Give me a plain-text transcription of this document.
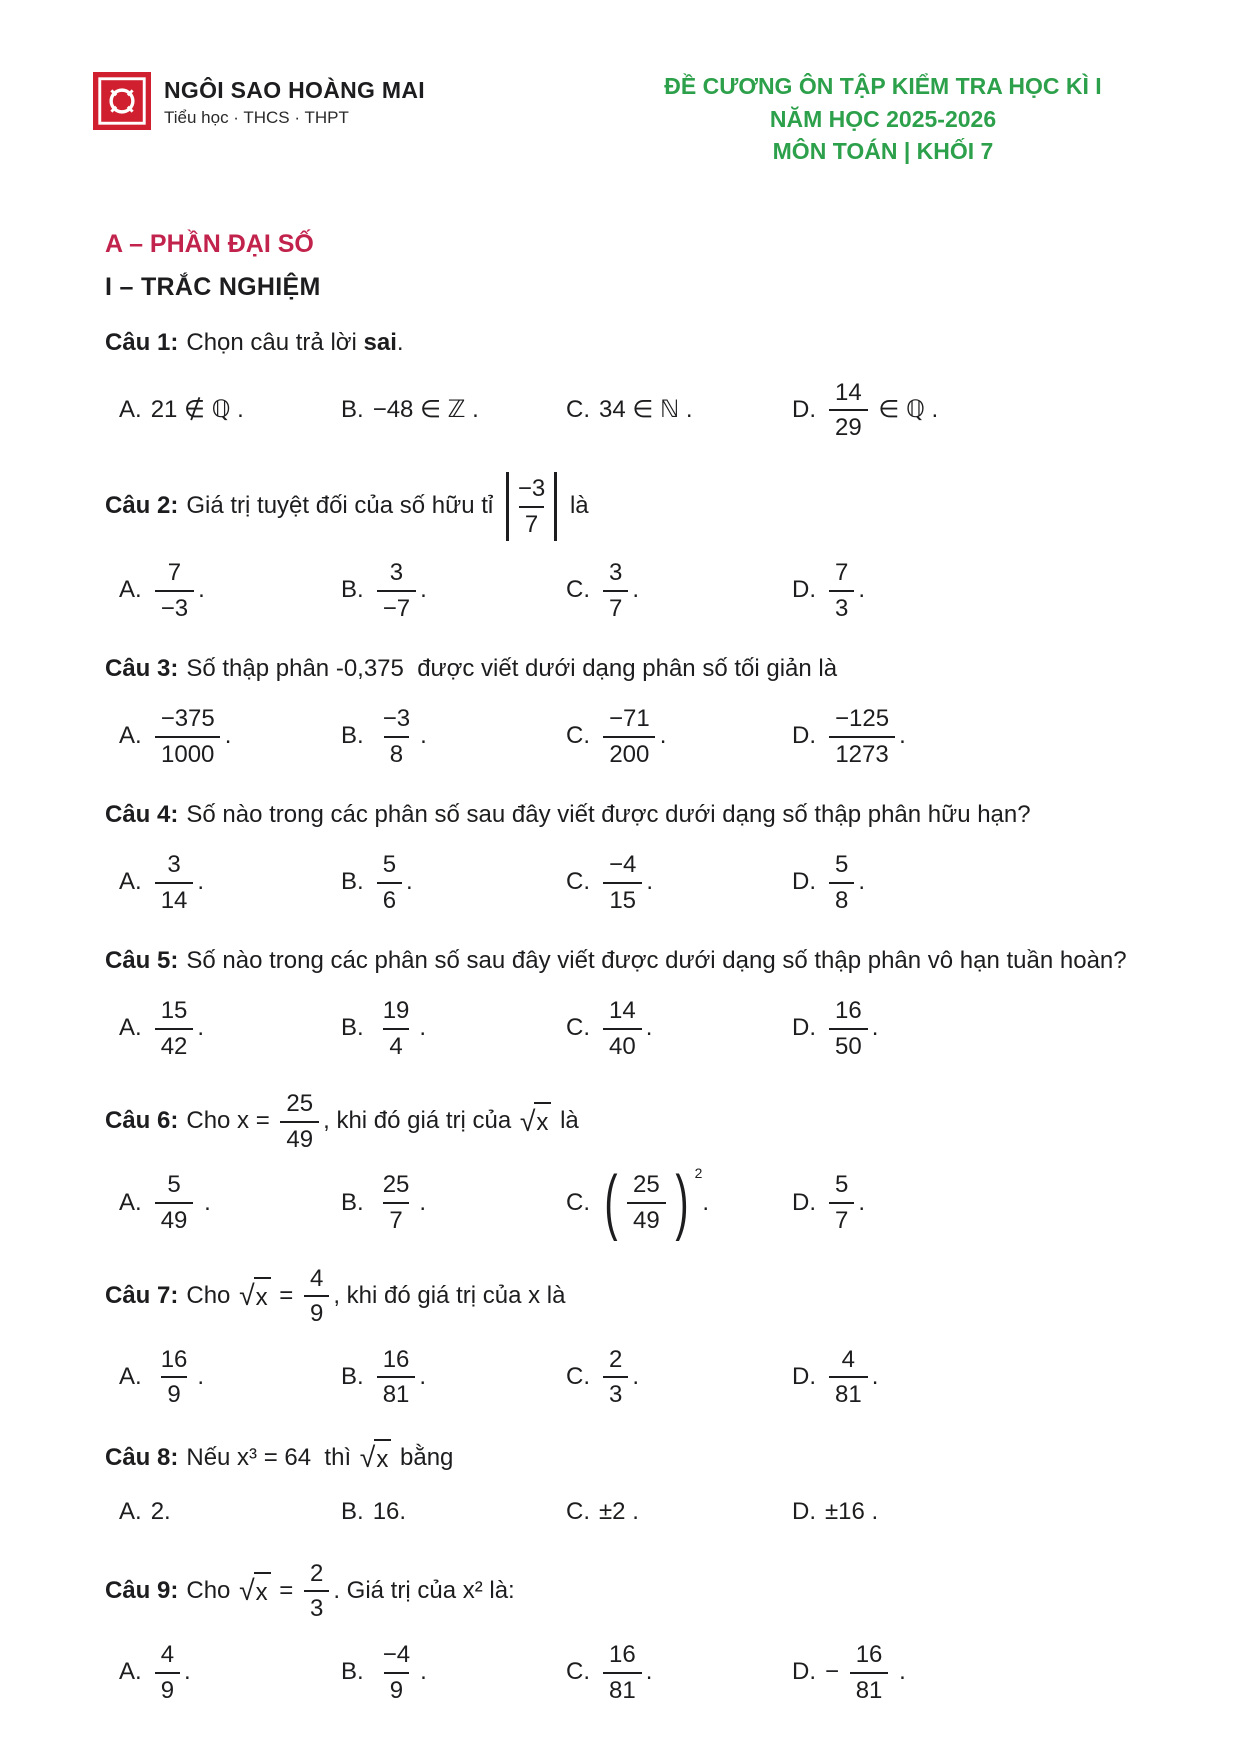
NGÔI SAO HOÀNG MAI
Tiểu học · THCS · THPT
ĐỀ CƯƠNG ÔN TẬP KIỂM TRA HỌC KÌ I
NĂM HỌC 2025-2026
MÔN TOÁN | KHỐI 7
A – PHẦN ĐẠI SỐ
I – TRẮC NGHIỆM
Câu 1: Chọn câu trả lời sai.
A. 21 ∉ ℚ .	B. −48 ∈ ℤ .	C. 34 ∈ ℕ .	D. $\frac{14}{29}$ ∈ ℚ .
Câu 2: Giá trị tuyệt đối của số hữu tỉ $\frac{-3}{7}$ là
A. $\frac{7}{-3}$ .	B. $\frac{3}{-7}$ .	C. $\frac{3}{7}$ .	D. $\frac{7}{3}$ .
Câu 3: Số thập phân -0,375  được viết dưới dạng phân số tối giản là
A. $\frac{-375}{1000}$ .	B. $\frac{-3}{8}$ .	C. $\frac{-71}{200}$ .	D. $\frac{-125}{1273}$ .
Câu 4: Số nào trong các phân số sau đây viết được dưới dạng số thập phân hữu hạn?
A. $\frac{3}{14}$ .	B. $\frac{5}{6}$ .	C. $\frac{-4}{15}$ .	D. $\frac{5}{8}$ .
Câu 5: Số nào trong các phân số sau đây viết được dưới dạng số thập phân vô hạn tuần hoàn?
A. $\frac{15}{42}$ .	B. $\frac{19}{4}$ .	C. $\frac{14}{40}$ .	D. $\frac{16}{50}$ .
Câu 6: Cho $x = \frac{25}{49}$ , khi đó giá trị của √ x là
A. $\frac{5}{49}$ .	B. $\frac{25}{7}$ .	C. ( $\frac{25}{49}$ ) 2
.	D. $\frac{5}{7}$ .
Câu 7: Cho √ $x = \frac{4}{9}$ , khi đó giá trị của x là
A. $\frac{16}{9}$ .	B. $\frac{16}{81}$ .	C. $\frac{2}{3}$ .	D. $\frac{4}{81}$ .
Câu 8: Nếu x³ = 64  thì √ x bằng
A. 2.	B. 16.	C. ±2 .	D. ±16 .
Câu 9: Cho √ $x = \frac{2}{3}$ . Giá trị của x² là:
A. $\frac{4}{9}$ .	B. $\frac{-4}{9}$ .	C. $\frac{16}{81}$ .	D. − $\frac{16}{81}$ .
